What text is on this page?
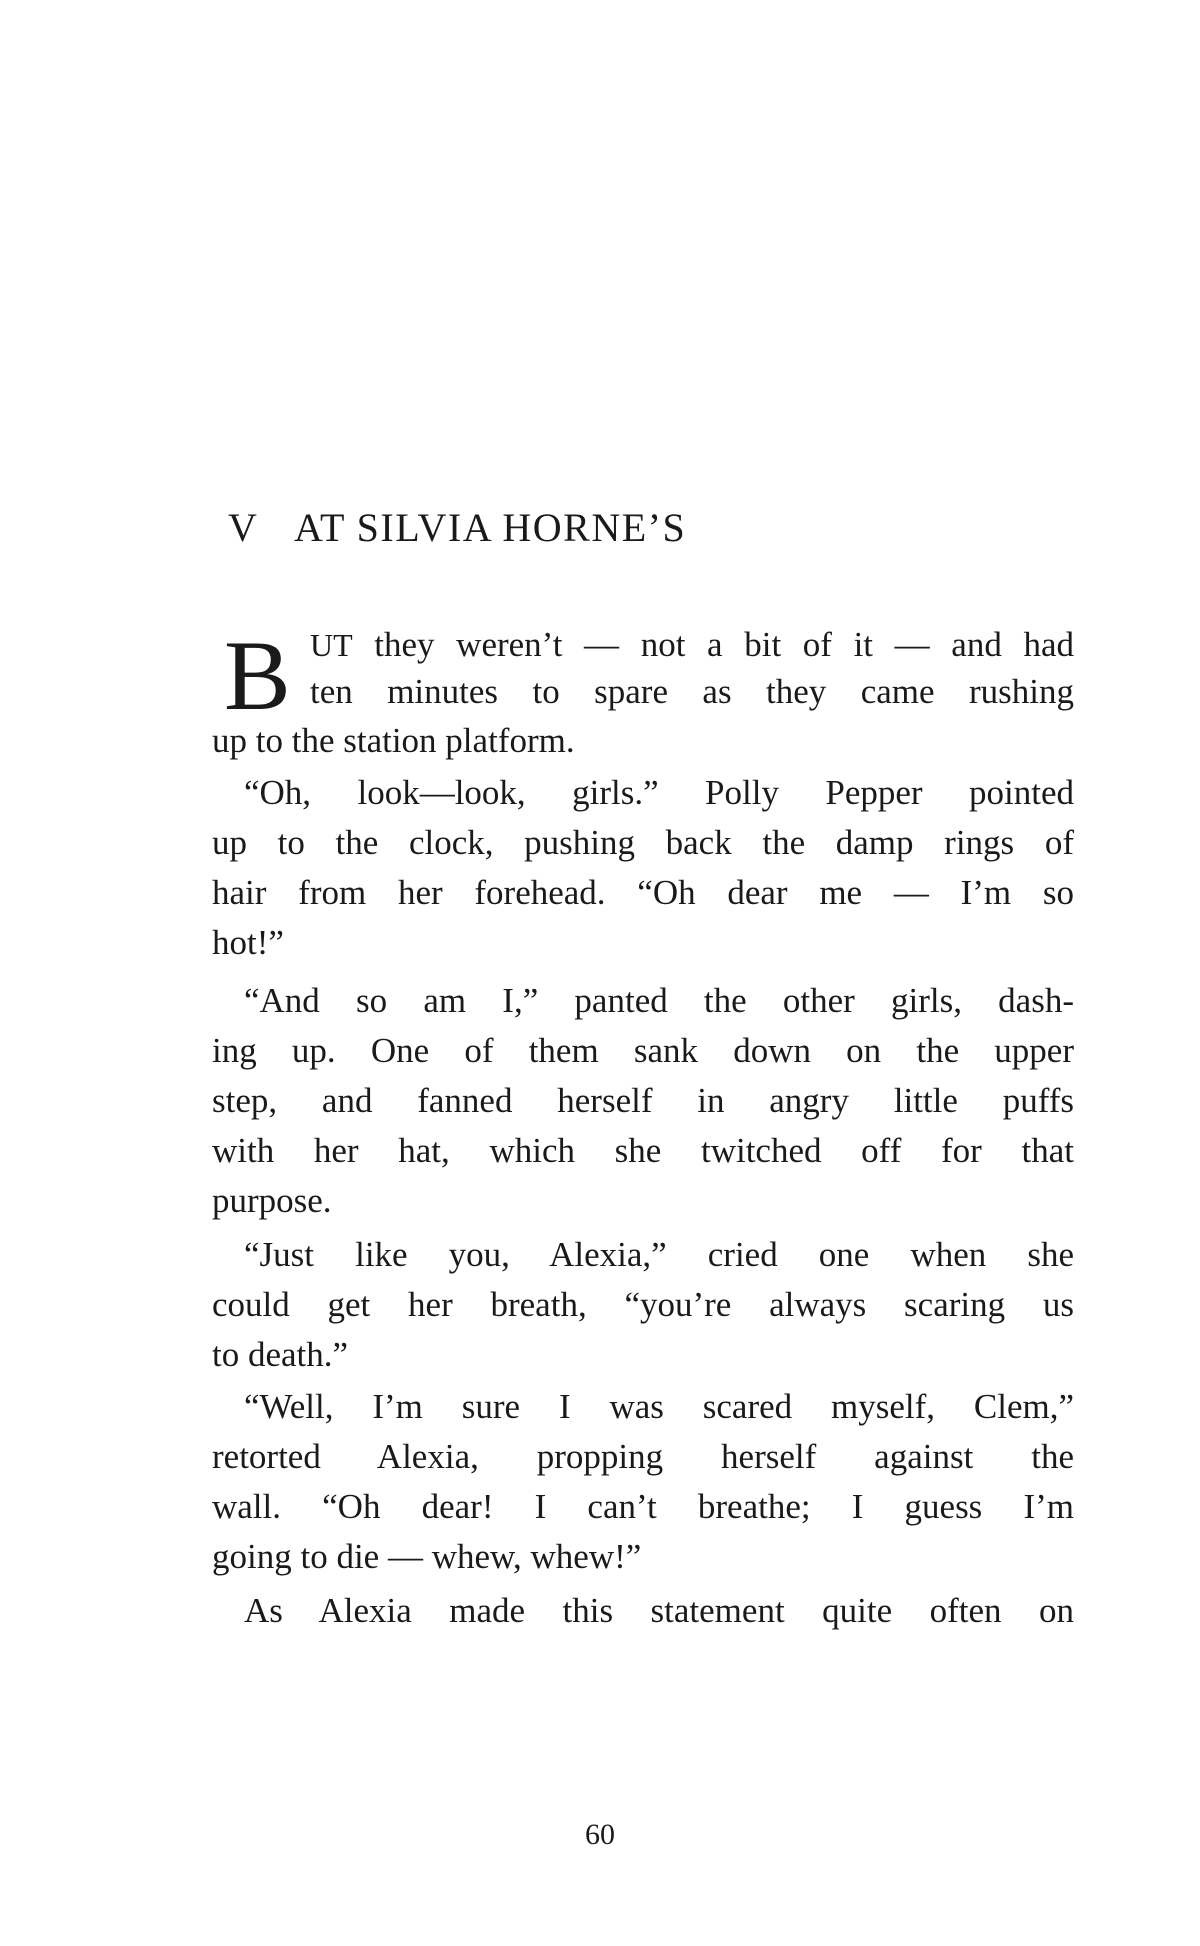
V AT SILVIA HORNE’S
B UT they weren’t — not a bit of it — and had
ten minutes to spare as they came rushing
up to the station platform.
“Oh, look—look, girls.” Polly Pepper pointed
up to the clock, pushing back the damp rings of
hair from her forehead. “Oh dear me — I’m so
hot!”
“And so am I,” panted the other girls, dash-
ing up. One of them sank down on the upper
step, and fanned herself in angry little puffs
with her hat, which she twitched off for that
purpose.
“Just like you, Alexia,” cried one when she
could get her breath, “you’re always scaring us
to death.”
“Well, I’m sure I was scared myself, Clem,”
retorted Alexia, propping herself against the
wall. “Oh dear! I can’t breathe; I guess I’m
going to die — whew, whew!”
As Alexia made this statement quite often on
60
